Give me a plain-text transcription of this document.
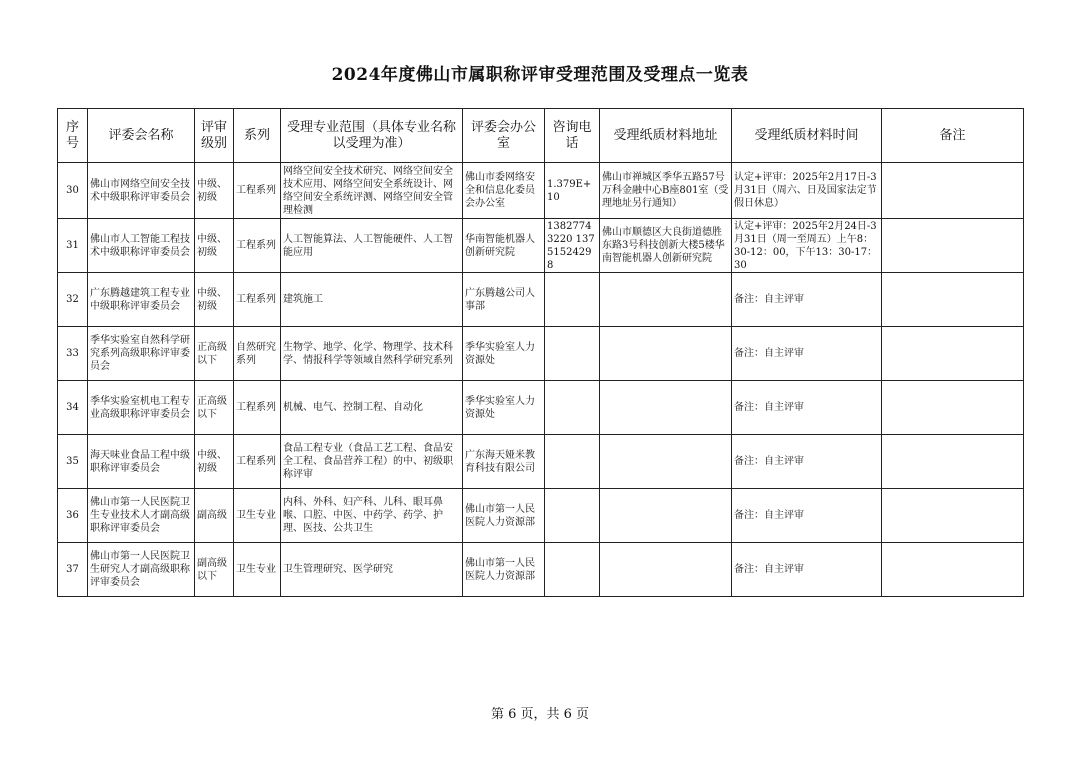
2024年度佛山市属职称评审受理范围及受理点一览表
序号	评委会名称	评审级别	系列	受理专业范围（具体专业名称以受理为准）	评委会办公室	咨询电话	受理纸质材料地址	受理纸质材料时间	备注
30	佛山市网络空间安全技术中级职称评审委员会	中级、初级	工程系列	网络空间安全技术研究、网络空间安全技术应用、网络空间安全系统设计、网络空间安全系统评测、网络空间安全管理检测	佛山市委网络安全和信息化委员会办公室	1.379E+10	佛山市禅城区季华五路57号万科金融中心B座801室（受理地址另行通知）	认定+评审：2025年2月17日-3月31日（周六、日及国家法定节假日休息）	
31	佛山市人工智能工程技术中级职称评审委员会	中级、初级	工程系列	人工智能算法、人工智能硬件、人工智能应用	华南智能机器人创新研究院	13827743220 13751524298	佛山市顺德区大良街道德胜东路3号科技创新大楼5楼华南智能机器人创新研究院	认定+评审：2025年2月24日-3月31日（周一至周五）上午8：30-12：00，下午13：30-17：30	
32	广东腾越建筑工程专业中级职称评审委员会	中级、初级	工程系列	建筑施工	广东腾越公司人事部			备注：自主评审	
33	季华实验室自然科学研究系列高级职称评审委员会	正高级以下	自然研究系列	生物学、地学、化学、物理学、技术科学、情报科学等领域自然科学研究系列	季华实验室人力资源处			备注：自主评审	
34	季华实验室机电工程专业高级职称评审委员会	正高级以下	工程系列	机械、电气、控制工程、自动化	季华实验室人力资源处			备注：自主评审	
35	海天味业食品工程中级职称评审委员会	中级、初级	工程系列	食品工程专业（食品工艺工程、食品安全工程、食品营养工程）的中、初级职称评审	广东海天娅米教育科技有限公司			备注：自主评审	
36	佛山市第一人民医院卫生专业技术人才副高级职称评审委员会	副高级	卫生专业	内科、外科、妇产科、儿科、眼耳鼻喉、口腔、中医、中药学、药学、护理、医技、公共卫生	佛山市第一人民医院人力资源部			备注：自主评审	
37	佛山市第一人民医院卫生研究人才副高级职称评审委员会	副高级以下	卫生专业	卫生管理研究、医学研究	佛山市第一人民医院人力资源部			备注：自主评审	
第 6 页，共 6 页
